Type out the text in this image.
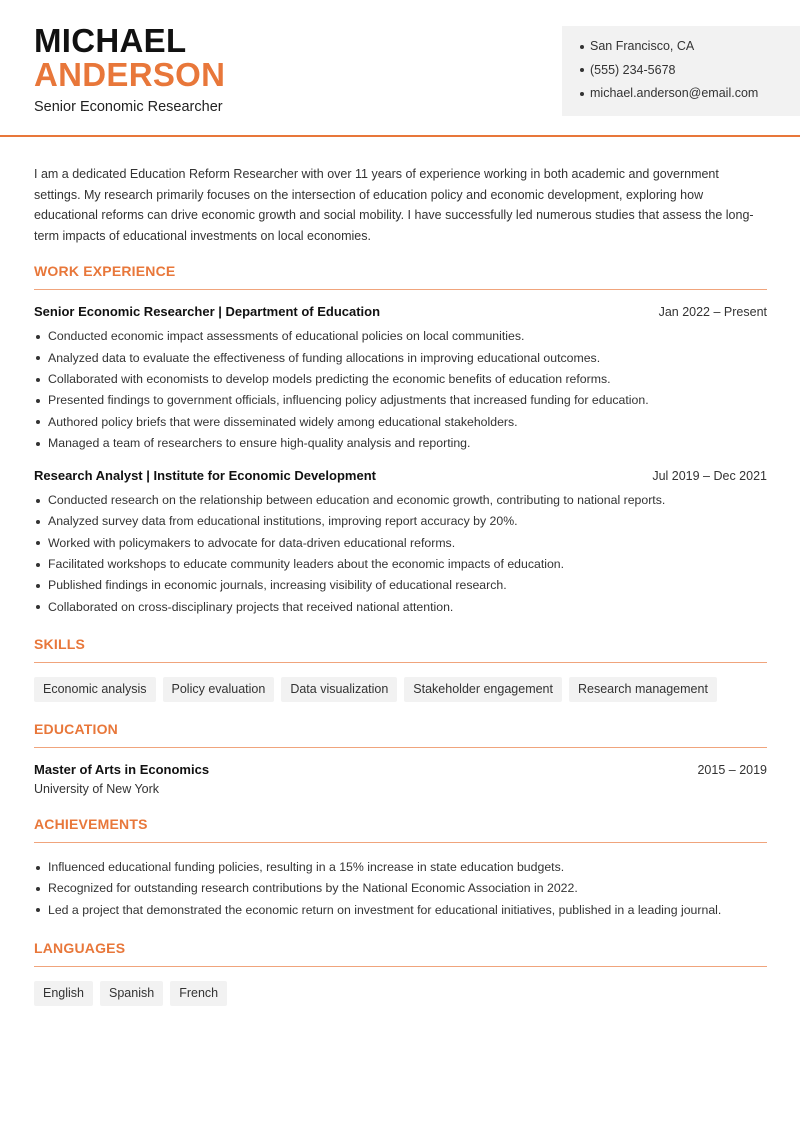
MICHAEL
ANDERSON
Senior Economic Researcher
San Francisco, CA
(555) 234-5678
michael.anderson@email.com

I am a dedicated Education Reform Researcher with over 11 years of experience working in both academic and government settings. My research primarily focuses on the intersection of education policy and economic development, exploring how educational reforms can drive economic growth and social mobility. I have successfully led numerous studies that assess the long-term impacts of educational investments on local economies.

WORK EXPERIENCE
Senior Economic Researcher | Department of Education	Jan 2022 – Present
Conducted economic impact assessments of educational policies on local communities.
Analyzed data to evaluate the effectiveness of funding allocations in improving educational outcomes.
Collaborated with economists to develop models predicting the economic benefits of education reforms.
Presented findings to government officials, influencing policy adjustments that increased funding for education.
Authored policy briefs that were disseminated widely among educational stakeholders.
Managed a team of researchers to ensure high-quality analysis and reporting.
Research Analyst | Institute for Economic Development	Jul 2019 – Dec 2021
Conducted research on the relationship between education and economic growth, contributing to national reports.
Analyzed survey data from educational institutions, improving report accuracy by 20%.
Worked with policymakers to advocate for data-driven educational reforms.
Facilitated workshops to educate community leaders about the economic impacts of education.
Published findings in economic journals, increasing visibility of educational research.
Collaborated on cross-disciplinary projects that received national attention.
SKILLS
Economic analysis	Policy evaluation	Data visualization	Stakeholder engagement	Research management
EDUCATION
Master of Arts in Economics	2015 – 2019
University of New York
ACHIEVEMENTS
Influenced educational funding policies, resulting in a 15% increase in state education budgets.
Recognized for outstanding research contributions by the National Economic Association in 2022.
Led a project that demonstrated the economic return on investment for educational initiatives, published in a leading journal.
LANGUAGES
English	Spanish	French
